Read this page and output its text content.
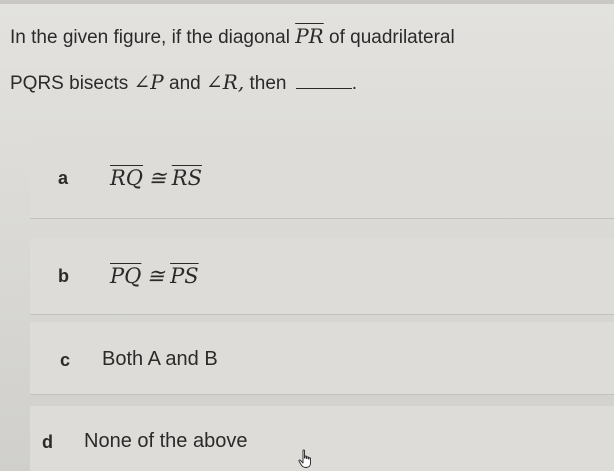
In the given figure, if the diagonal $\overline{PR}$ of quadrilateral
PQRS bisects ∠P and ∠R, then	.
a $\overline{RQ}$ ≅ $\overline{RS}$
b $\overline{PQ}$ ≅ $\overline{PS}$
c Both A and B
d None of the above
